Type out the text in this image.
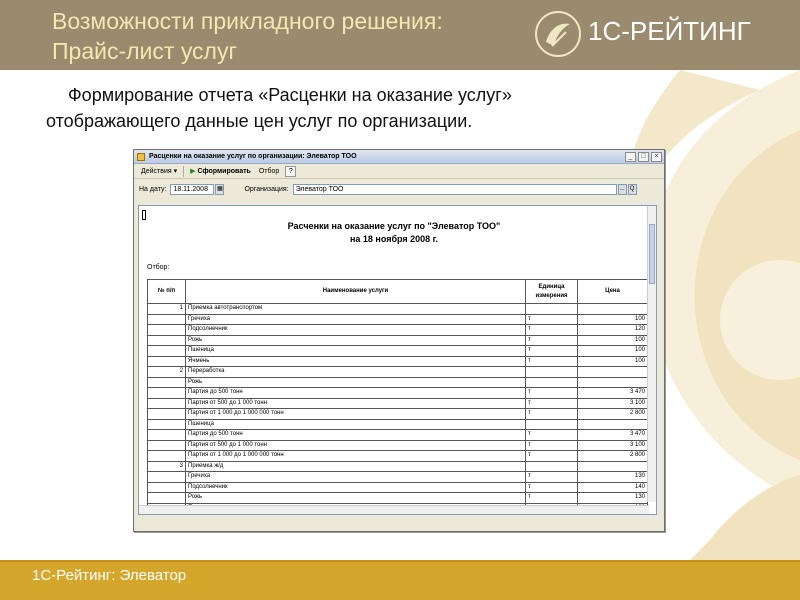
Возможности прикладного решения:
Прайс-лист услуг
1С-РЕЙТИНГ
Формирование отчета «Расценки на оказание услуг»
отображающего данные цен услуг по организации.
Расценки на оказание услуг по организации: Элеватор ТОО	_	□	×
Действия ▾	▶ Сформировать	Отбор	?
На дату:	18.11.2008	▦	Организация:	Элеватор ТОО	... Q
Расченки на оказание услуг по "Элеватор ТОО"
на 18 ноября 2008 г.
Отбор:
№ п/п	Наименование услуги	Единица измерения	Цена
1	Приемка автотранспортом		
	Гречиха	т	100
	Подсолнечник	т	120
	Рожь	т	100
	Пшеница	т	100
	Ячмень	т	100
2	Переработка		
	Рожь		
	Партия до 500 тонн	т	3 470
	Партия от 500 до 1 000 тонн	т	3 100
	Партия от 1 000 до 1 000 000 тонн	т	2 800
	Пшеница		
	Партия до 500 тонн	т	3 470
	Партия от 500 до 1 000 тонн	т	3 100
	Партия от 1 000 до 1 000 000 тонн	т	2 800
3	Приемка ж/д		
	Гречиха	т	130
	Подсолнечник	т	140
	Рожь	т	130

1С-Рейтинг: Элеватор
